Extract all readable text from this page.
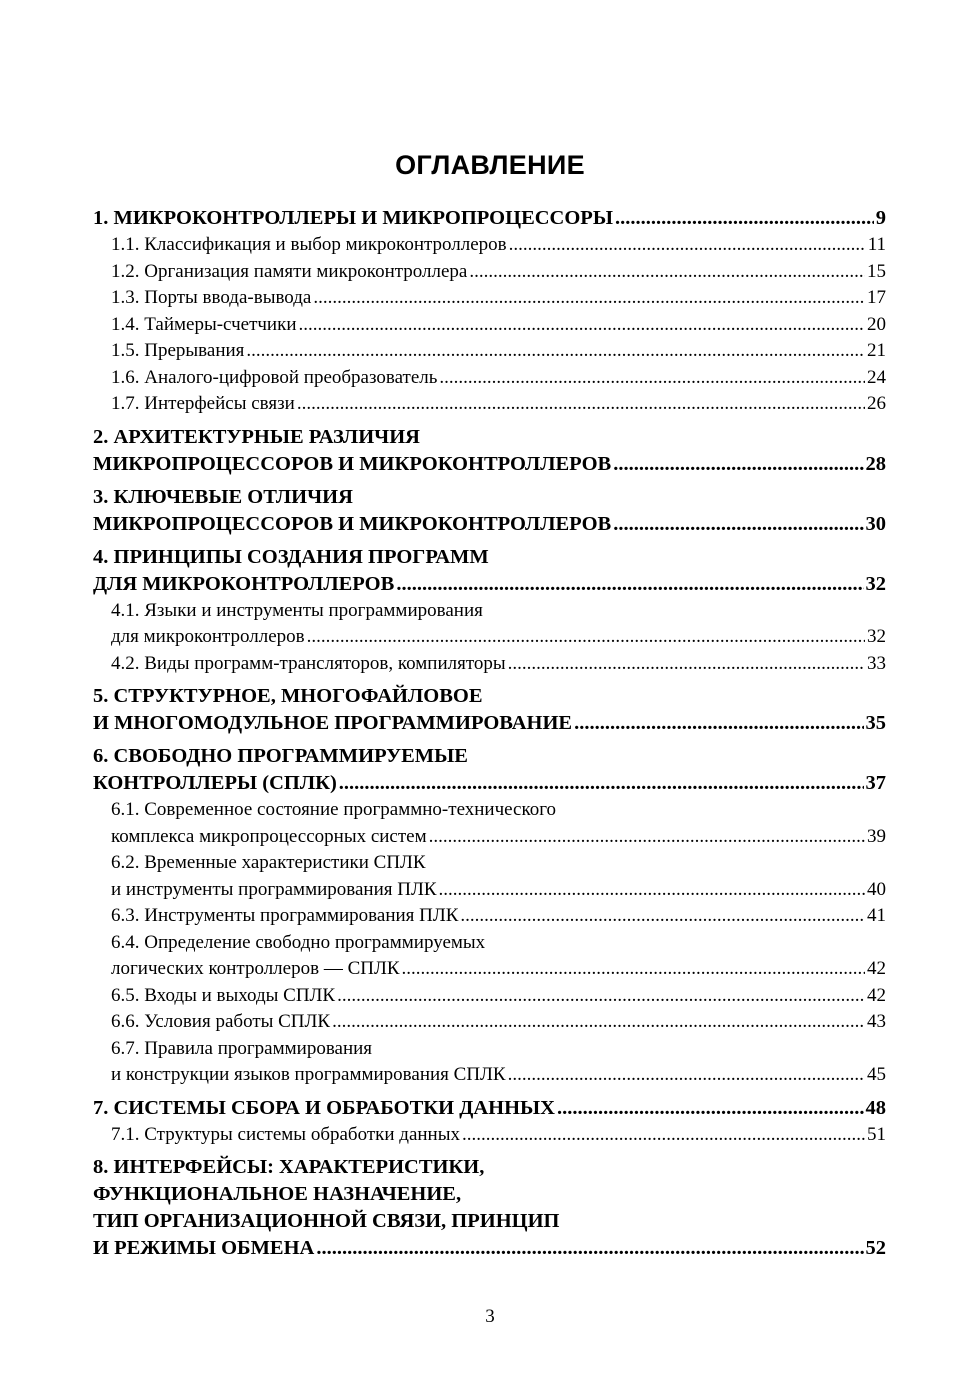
ОГЛАВЛЕНИЕ
1. МИКРОКОНТРОЛЛЕРЫ И МИКРОПРОЦЕССОРЫ .....	9
1.1. Классификация и выбор микроконтроллеров .....	11
1.2. Организация памяти микроконтроллера .....	15
1.3. Порты ввода-вывода .....	17
1.4. Таймеры-счетчики .....	20
1.5. Прерывания .....	21
1.6. Аналого-цифровой преобразователь .....	24
1.7. Интерфейсы связи .....	26
2. АРХИТЕКТУРНЫЕ РАЗЛИЧИЯ
МИКРОПРОЦЕССОРОВ И МИКРОКОНТРОЛЛЕРОВ .....	28
3. КЛЮЧЕВЫЕ ОТЛИЧИЯ
МИКРОПРОЦЕССОРОВ И МИКРОКОНТРОЛЛЕРОВ .....	30
4. ПРИНЦИПЫ СОЗДАНИЯ ПРОГРАММ
ДЛЯ МИКРОКОНТРОЛЛЕРОВ .....	32
4.1. Языки и инструменты программирования
для микроконтроллеров .....	32
4.2. Виды программ-трансляторов, компиляторы .....	33
5. СТРУКТУРНОЕ, МНОГОФАЙЛОВОЕ
И МНОГОМОДУЛЬНОЕ ПРОГРАММИРОВАНИЕ .....	35
6. СВОБОДНО ПРОГРАММИРУЕМЫЕ
КОНТРОЛЛЕРЫ (СПЛК) .....	37
6.1. Современное состояние программно-технического
комплекса микропроцессорных систем .....	39
6.2. Временные характеристики СПЛК
и инструменты программирования ПЛК .....	40
6.3. Инструменты программирования ПЛК .....	41
6.4. Определение свободно программируемых
логических контроллеров — СПЛК .....	42
6.5. Входы и выходы СПЛК .....	42
6.6. Условия работы СПЛК .....	43
6.7. Правила программирования
и конструкции языков программирования СПЛК .....	45
7. СИСТЕМЫ СБОРА И ОБРАБОТКИ ДАННЫХ .....	48
7.1. Структуры системы обработки данных .....	51
8. ИНТЕРФЕЙСЫ: ХАРАКТЕРИСТИКИ,
ФУНКЦИОНАЛЬНОЕ НАЗНАЧЕНИЕ,
ТИП ОРГАНИЗАЦИОННОЙ СВЯЗИ, ПРИНЦИП
И РЕЖИМЫ ОБМЕНА .....	52
3
